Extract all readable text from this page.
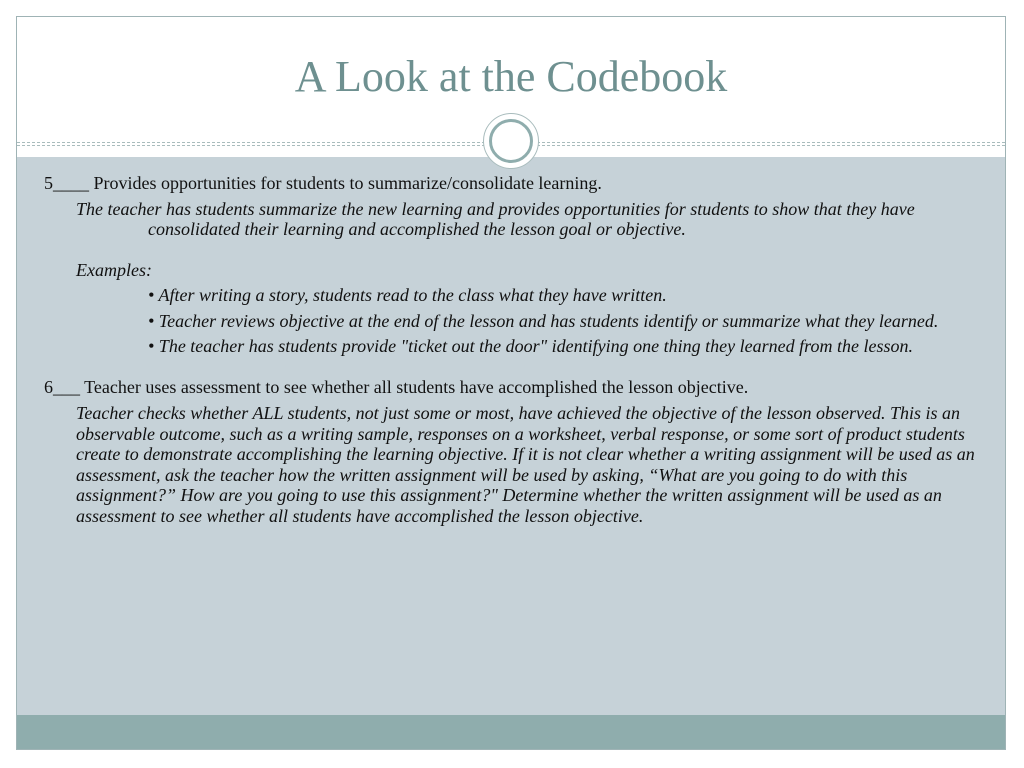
A Look at the Codebook

5____ Provides opportunities for students to summarize/consolidate learning.

The teacher has students summarize the new learning and provides opportunities for students to show that they have consolidated their learning and accomplished the lesson goal or objective.

Examples:

• After writing a story, students read to the class what they have written.

• Teacher reviews objective at the end of the lesson and has students identify or summarize what they learned.

• The teacher has students provide "ticket out the door" identifying one thing they learned from the lesson.

6___ Teacher uses assessment to see whether all students have accomplished the lesson objective.

Teacher checks whether ALL students, not just some or most, have achieved the objective of the lesson observed. This is an observable outcome, such as a writing sample, responses on a worksheet, verbal response, or some sort of product students create to demonstrate accomplishing the learning objective. If it is not clear whether a writing assignment will be used as an assessment, ask the teacher how the written assignment will be used by asking, “What are you going to do with this assignment?” How are you going to use this assignment?" Determine whether the written assignment will be used as an assessment to see whether all students have accomplished the lesson objective.
